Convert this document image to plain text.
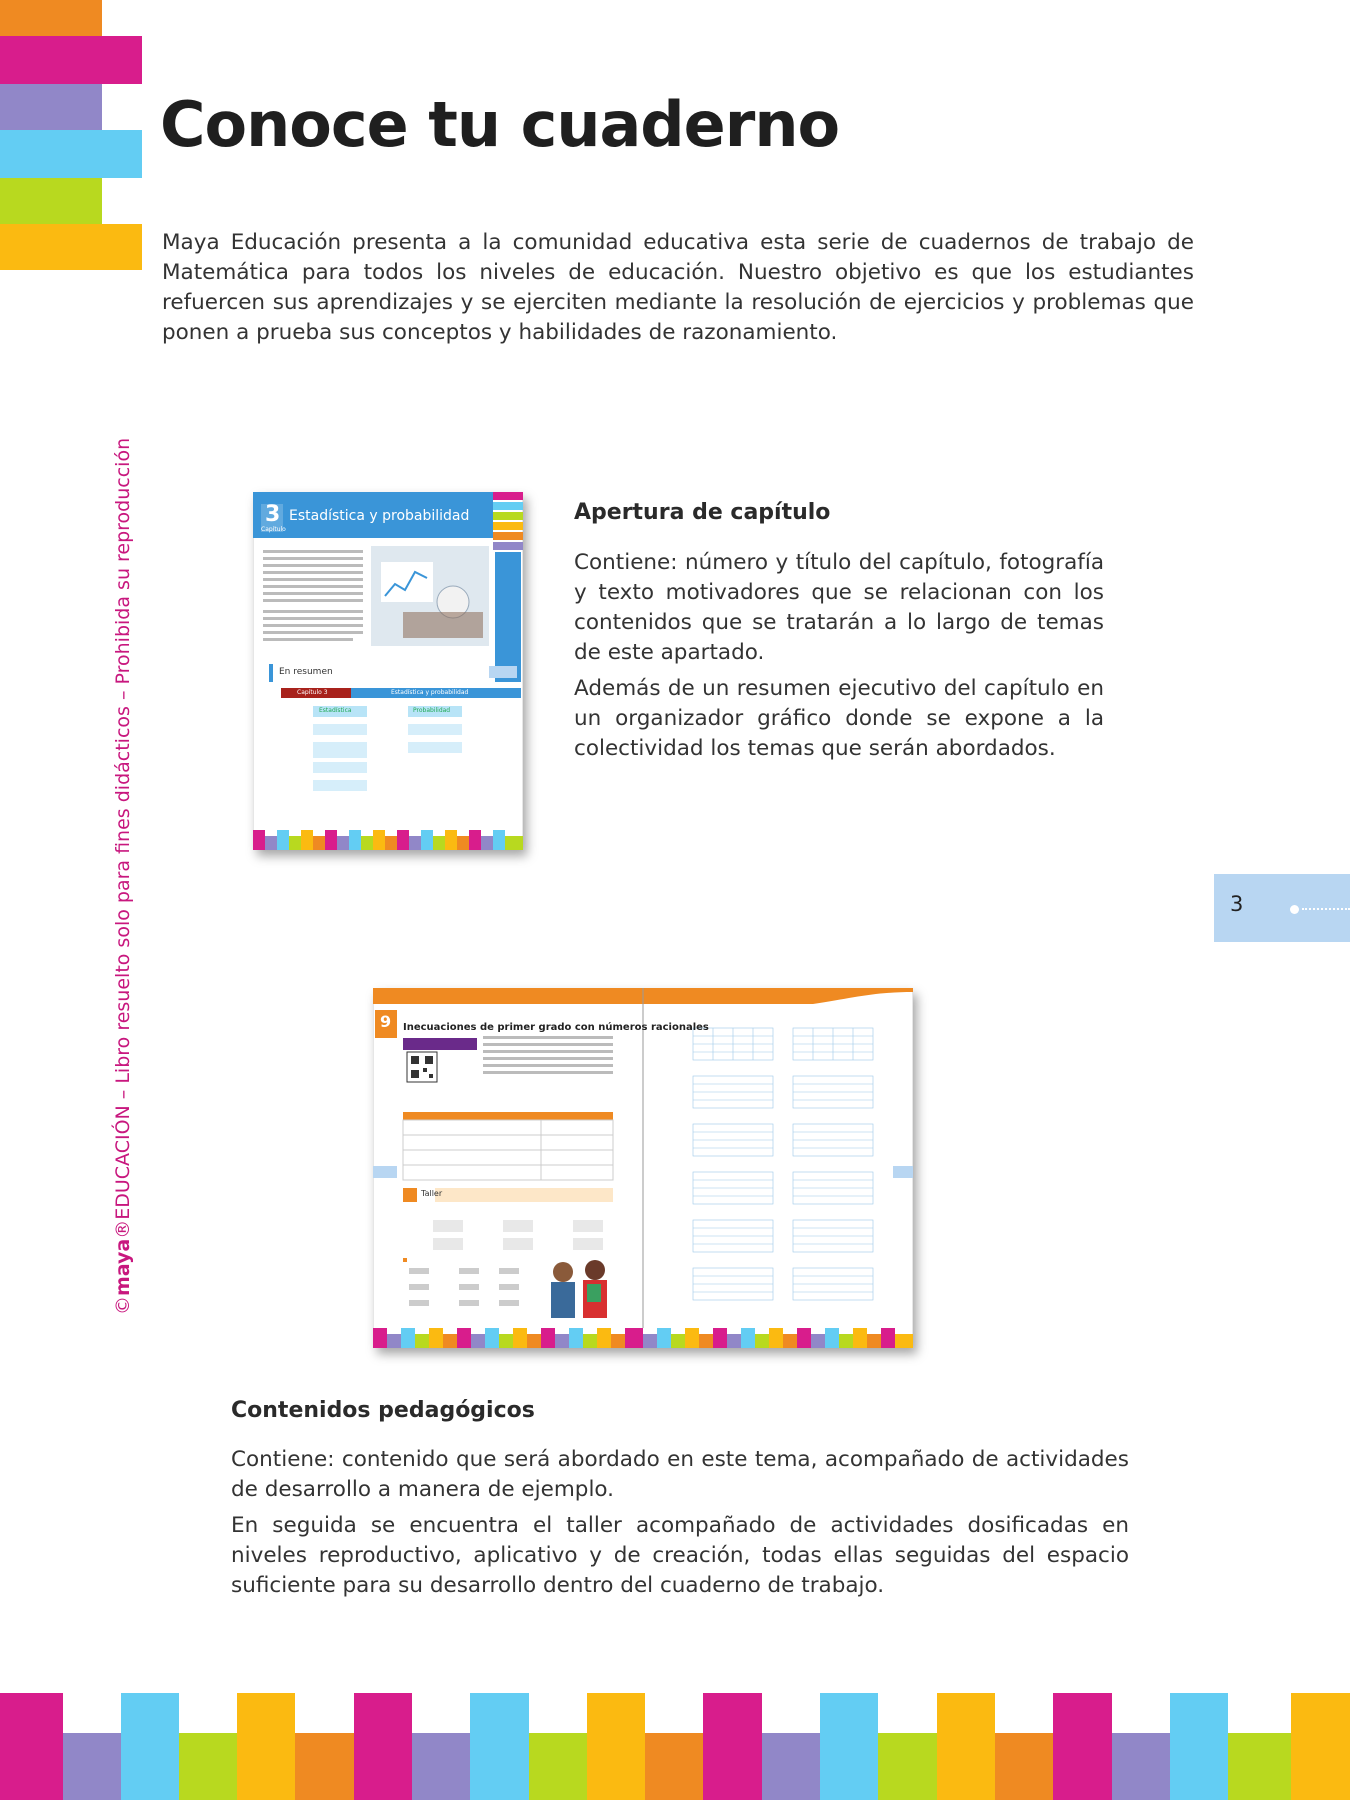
Conoce tu cuaderno
Maya Educación presenta a la comunidad educativa esta serie de cuadernos de trabajo de Matemática para todos los niveles de educación. Nuestro objetivo es que los estudiantes refuercen sus aprendizajes y se ejerciten mediante la resolución de ejercicios y problemas que ponen a prueba sus conceptos y habilidades de razonamiento.
©maya®EDUCACIÓN – Libro resuelto solo para fines didácticos – Prohibida su reproducción	3
Capítulo
Estadística y probabilidad
En resumen
Capítulo 3	Estadística y probabilidad
Estadística	Probabilidad
Apertura de capítulo

Contiene: número y título del capítulo, fotografía y texto motivadores que se relacionan con los contenidos que se tratarán a lo largo de temas de este apartado.

Además de un resumen ejecutivo del capítulo en un organizador gráfico donde se expone a la colectividad los temas que serán abordados.

3
9 Inecuaciones de primer grado con números racionales
Taller
Contenidos pedagógicos

Contiene: contenido que será abordado en este tema, acompañado de actividades de desarrollo a manera de ejemplo.

En seguida se encuentra el taller acompañado de actividades dosificadas en niveles reproductivo, aplicativo y de creación, todas ellas seguidas del espacio suficiente para su desarrollo dentro del cuaderno de trabajo.
